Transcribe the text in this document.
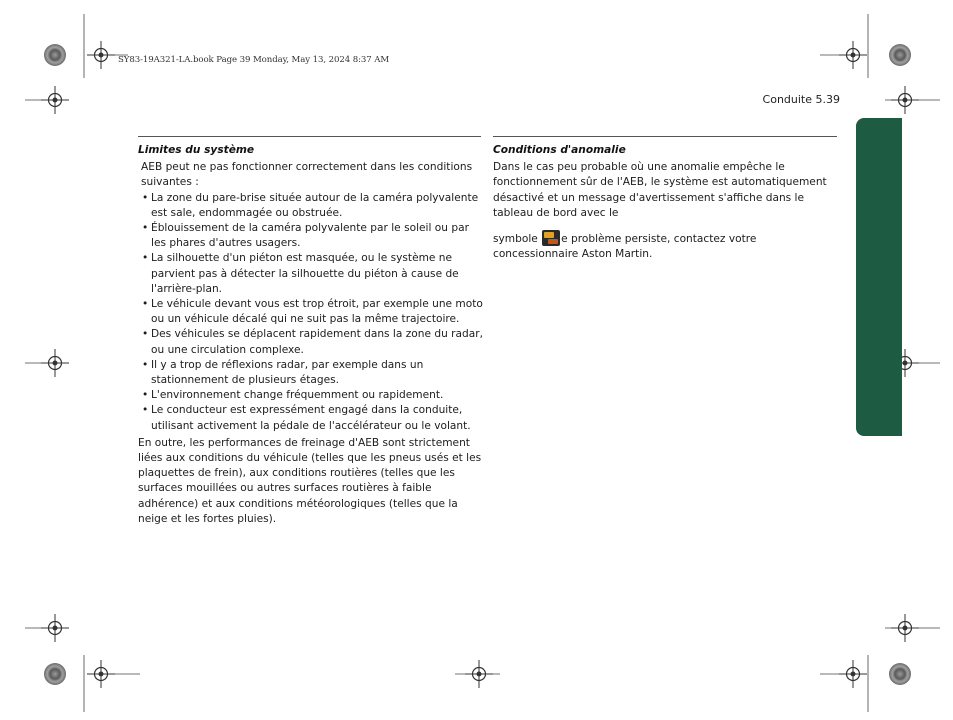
SY83-19A321-LA.book Page 39 Monday, May 13, 2024 8:37 AM
Conduite 5.39
Limites du système

AEB peut ne pas fonctionner correctement dans les conditions suivantes :

• La zone du pare-brise située autour de la caméra polyvalente est sale, endommagée ou obstruée.
• Éblouissement de la caméra polyvalente par le soleil ou par les phares d'autres usagers.
• La silhouette d'un piéton est masquée, ou le système ne parvient pas à détecter la silhouette du piéton à cause de l'arrière-plan.
• Le véhicule devant vous est trop étroit, par exemple une moto ou un véhicule décalé qui ne suit pas la même trajectoire.
• Des véhicules se déplacent rapidement dans la zone du radar, ou une circulation complexe.
• Il y a trop de réflexions radar, par exemple dans un stationnement de plusieurs étages.
• L'environnement change fréquemment ou rapidement.
• Le conducteur est expressément engagé dans la conduite, utilisant activement la pédale de l'accélérateur ou le volant.

En outre, les performances de freinage d'AEB sont strictement liées aux conditions du véhicule (telles que les pneus usés et les plaquettes de frein), aux conditions routières (telles que les surfaces mouillées ou autres surfaces routières à faible adhérence) et aux conditions météorologiques (telles que la neige et les fortes pluies).

Conditions d'anomalie

Dans le cas peu probable où une anomalie empêche le fonctionnement sûr de l'AEB, le système est automatiquement désactivé et un message d'avertissement s'affiche dans le tableau de bord avec le

symbole e problème persiste, contactez votre concessionnaire Aston Martin.
